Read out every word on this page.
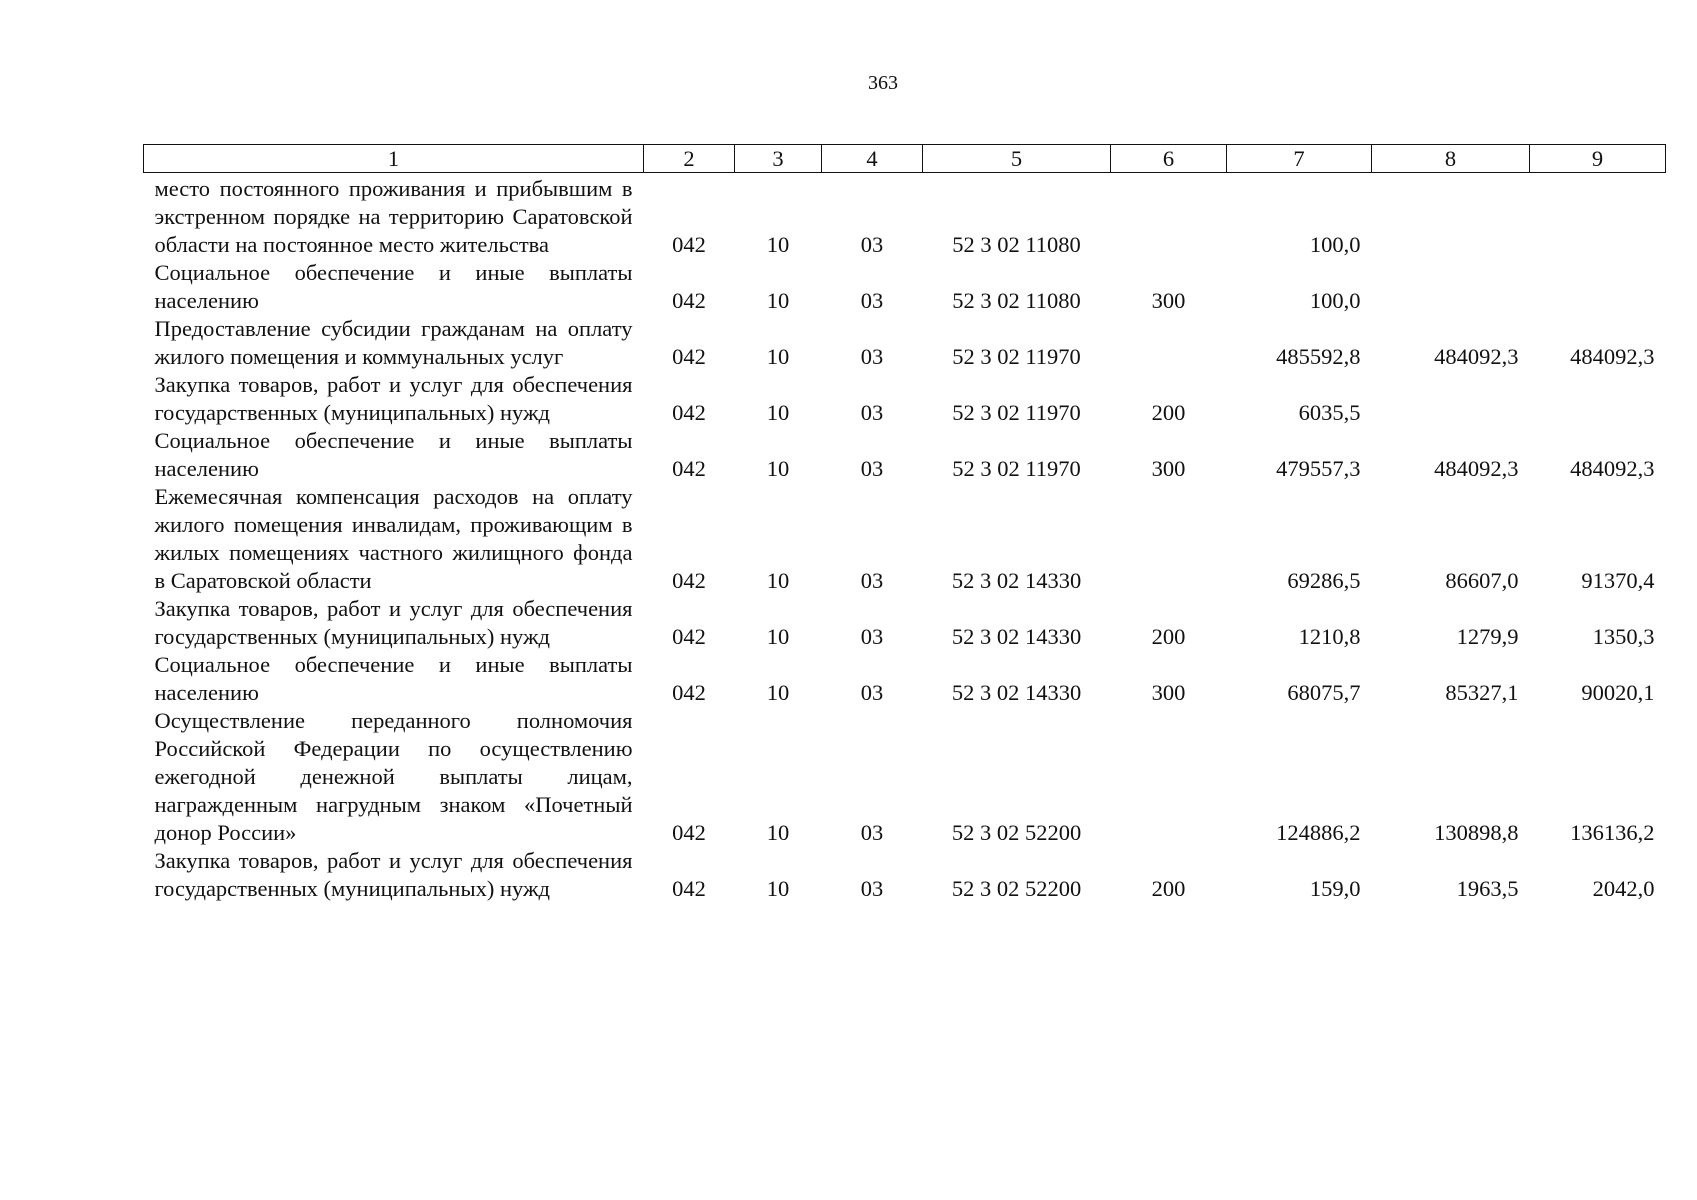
363
1	2	3	4	5	6	7	8	9
место постоянного проживания и прибывшим в экстренном порядке на территорию Саратовской области на постоянное место жительства	042	10	03	52 3 02 11080		100,0		
Социальное обеспечение и иные выплаты населению	042	10	03	52 3 02 11080	300	100,0		
Предоставление субсидии гражданам на оплату жилого помещения и коммунальных услуг	042	10	03	52 3 02 11970		485592,8	484092,3	484092,3
Закупка товаров, работ и услуг для обеспечения государственных (муниципальных) нужд	042	10	03	52 3 02 11970	200	6035,5		
Социальное обеспечение и иные выплаты населению	042	10	03	52 3 02 11970	300	479557,3	484092,3	484092,3
Ежемесячная компенсация расходов на оплату жилого помещения инвалидам, проживающим в жилых помещениях частного жилищного фонда в Саратовской области	042	10	03	52 3 02 14330		69286,5	86607,0	91370,4
Закупка товаров, работ и услуг для обеспечения государственных (муниципальных) нужд	042	10	03	52 3 02 14330	200	1210,8	1279,9	1350,3
Социальное обеспечение и иные выплаты населению	042	10	03	52 3 02 14330	300	68075,7	85327,1	90020,1
Осуществление переданного полномочия Российской Федерации по осуществлению ежегодной денежной выплаты лицам, награжденным нагрудным знаком «Почетный донор России»	042	10	03	52 3 02 52200		124886,2	130898,8	136136,2
Закупка товаров, работ и услуг для обеспечения государственных (муниципальных) нужд	042	10	03	52 3 02 52200	200	159,0	1963,5	2042,0
